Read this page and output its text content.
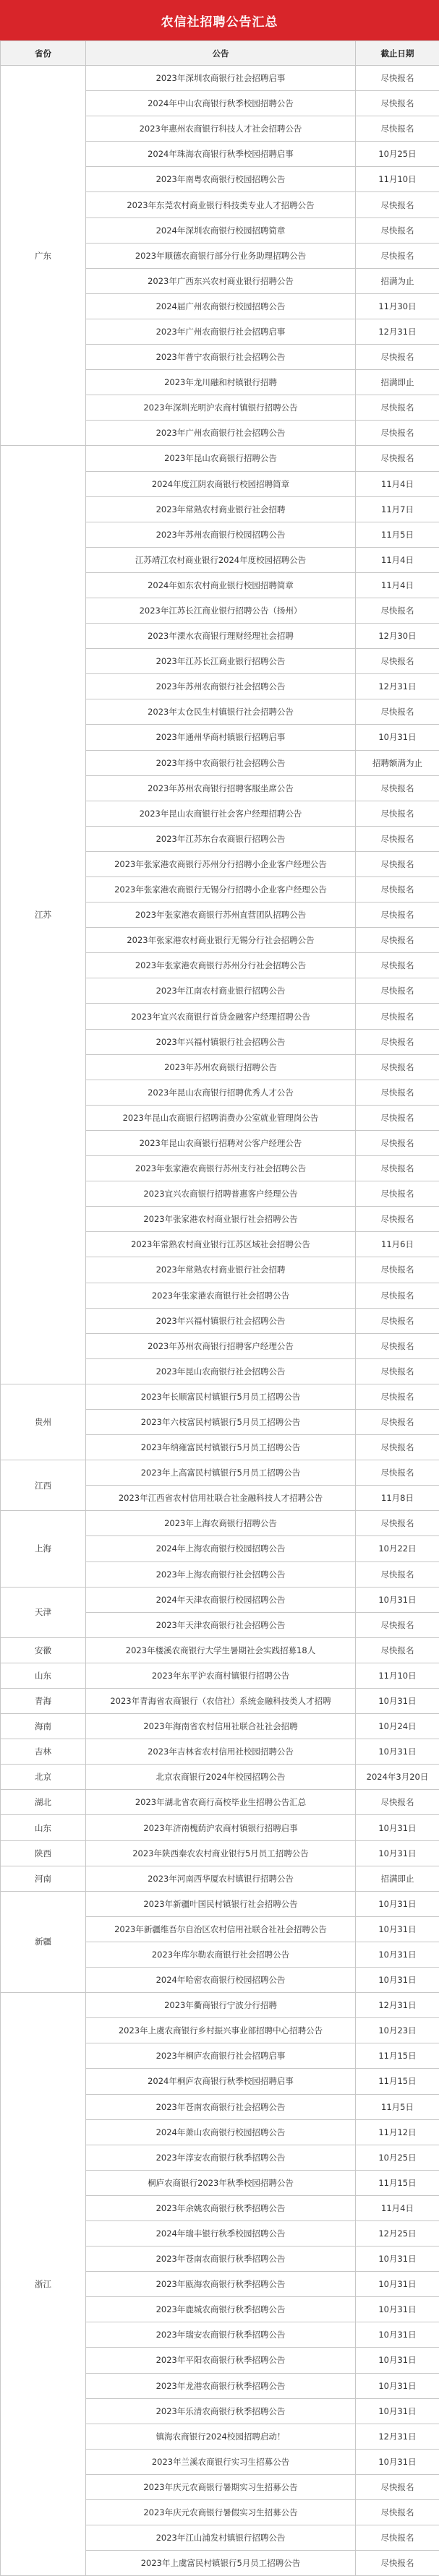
农信社招聘公告汇总
省份	公告	截止日期
广东	2023年深圳农商银行社会招聘启事	尽快报名
	2024年中山农商银行秋季校园招聘公告	尽快报名
	2023年惠州农商银行科技人才社会招聘公告	尽快报名
	2024年珠海农商银行秋季校园招聘启事	10月25日
	2023年南粤农商银行校园招聘公告	11月10日
	2023年东莞农村商业银行科技类专业人才招聘公告	尽快报名
	2024年深圳农商银行校园招聘简章	尽快报名
	2023年顺德农商银行部分行业务助理招聘公告	尽快报名
	2023年广西东兴农村商业银行招聘公告	招满为止
	2024届广州农商银行校园招聘公告	11月30日
	2023年广州农商银行社会招聘启事	12月31日
	2023年普宁农商银行社会招聘公告	尽快报名
	2023年龙川融和村镇银行招聘	招满即止
	2023年深圳光明沪农商村镇银行招聘公告	尽快报名
	2023年广州农商银行社会招聘公告	尽快报名
江苏	2023年昆山农商银行招聘公告	尽快报名
	2024年度江阴农商银行校园招聘简章	11月4日
	2023年常熟农村商业银行社会招聘	11月7日
	2023年苏州农商银行校园招聘公告	11月5日
	江苏靖江农村商业银行2024年度校园招聘公告	11月4日
	2024年如东农村商业银行校园招聘简章	11月4日
	2023年江苏长江商业银行招聘公告（扬州）	尽快报名
	2023年溧水农商银行理财经理社会招聘	12月30日
	2023年江苏长江商业银行招聘公告	尽快报名
	2023年苏州农商银行社会招聘公告	12月31日
	2023年太仓民生村镇银行社会招聘公告	尽快报名
	2023年通州华商村镇银行招聘启事	10月31日
	2023年扬中农商银行社会招聘公告	招聘额满为止
	2023年苏州农商银行招聘客服坐席公告	尽快报名
	2023年昆山农商银行社会客户经理招聘公告	尽快报名
	2023年江苏东台农商银行招聘公告	尽快报名
	2023年张家港农商银行苏州分行招聘小企业客户经理公告	尽快报名
	2023年张家港农商银行无锡分行招聘小企业客户经理公告	尽快报名
	2023年张家港农商银行苏州直营团队招聘公告	尽快报名
	2023年张家港农村商业银行无锡分行社会招聘公告	尽快报名
	2023年张家港农商银行苏州分行社会招聘公告	尽快报名
	2023年江南农村商业银行招聘公告	尽快报名
	2023年宜兴农商银行首贷金融客户经理招聘公告	尽快报名
	2023年兴福村镇银行社会招聘公告	尽快报名
	2023年苏州农商银行招聘公告	尽快报名
	2023年昆山农商银行招聘优秀人才公告	尽快报名
	2023年昆山农商银行招聘消费办公室就业管理岗公告	尽快报名
	2023年昆山农商银行招聘对公客户经理公告	尽快报名
	2023年张家港农商银行苏州支行社会招聘公告	尽快报名
	2023宜兴农商银行招聘普惠客户经理公告	尽快报名
	2023年张家港农村商业银行社会招聘公告	尽快报名
	2023年常熟农村商业银行江苏区域社会招聘公告	11月6日
	2023年常熟农村商业银行社会招聘	尽快报名
	2023年张家港农商银行社会招聘公告	尽快报名
	2023年兴福村镇银行社会招聘公告	尽快报名
	2023年苏州农商银行招聘客户经理公告	尽快报名
	2023年昆山农商银行社会招聘公告	尽快报名
贵州	2023年长顺富民村镇银行5月员工招聘公告	尽快报名
	2023年六枝富民村镇银行5月员工招聘公告	尽快报名
	2023年纳雍富民村镇银行5月员工招聘公告	尽快报名
江西	2023年上高富民村镇银行5月员工招聘公告	尽快报名
	2023年江西省农村信用社联合社金融科技人才招聘公告	11月8日
上海	2023年上海农商银行招聘公告	尽快报名
	2024年上海农商银行校园招聘公告	10月22日
	2023年上海农商银行社会招聘公告	尽快报名
天津	2024年天津农商银行校园招聘公告	10月31日
	2023年天津农商银行社会招聘公告	尽快报名
安徽	2023年楼溪农商银行大学生暑期社会实践招募18人	尽快报名
山东	2023年东平沪农商村镇银行招聘公告	11月10日
青海	2023年青海省农商银行（农信社）系统金融科技类人才招聘	10月31日
海南	2023年海南省农村信用社联合社社会招聘	10月24日
吉林	2023年吉林省农村信用社校园招聘公告	10月31日
北京	北京农商银行2024年校园招聘公告	2024年3月20日
湖北	2023年湖北省农商行高校毕业生招聘公告汇总	尽快报名
山东	2023年济南槐荫沪农商村镇银行招聘启事	10月31日
陕西	2023年陕西秦农农村商业银行5月员工招聘公告	10月31日
河南	2023年河南西华厦农村镇银行招聘公告	招满即止
新疆	2023年新疆叶国民村镇银行社会招聘公告	10月31日
	2023年新疆维吾尔自治区农村信用社联合社社会招聘公告	10月31日
	2023年库尔勒农商银行社会招聘公告	10月31日
	2024年哈密农商银行校园招聘公告	10月31日
浙江	2023年衢商银行宁波分行招聘	12月31日
	2023年上虞农商银行乡村振兴事业部招聘中心招聘公告	10月23日
	2023年桐庐农商银行社会招聘启事	11月15日
	2024年桐庐农商银行秋季校园招聘启事	11月15日
	2023年苍南农商银行社会招聘公告	11月5日
	2024年萧山农商银行校园招聘公告	11月12日
	2023年淳安农商银行秋季招聘公告	10月25日
	桐庐农商银行2023年秋季校园招聘公告	11月15日
	2023年余姚农商银行秋季招聘公告	11月4日
	2024年瑞丰银行秋季校园招聘公告	12月25日
	2023年苍南农商银行秋季招聘公告	10月31日
	2023年瓯海农商银行秋季招聘公告	10月31日
	2023年鹿城农商银行秋季招聘公告	10月31日
	2023年瑞安农商银行秋季招聘公告	10月31日
	2023年平阳农商银行秋季招聘公告	10月31日
	2023年龙港农商银行秋季招聘公告	10月31日
	2023年乐清农商银行秋季招聘公告	10月31日
	镇海农商银行2024校园招聘启动！	12月31日
	2023年兰溪农商银行实习生招募公告	10月31日
	2023年庆元农商银行暑期实习生招募公告	尽快报名
	2023年庆元农商银行暑假实习生招募公告	尽快报名
	2023年江山浦发村镇银行招聘公告	尽快报名
	2023年上虞富民村镇银行5月员工招聘公告	尽快报名
